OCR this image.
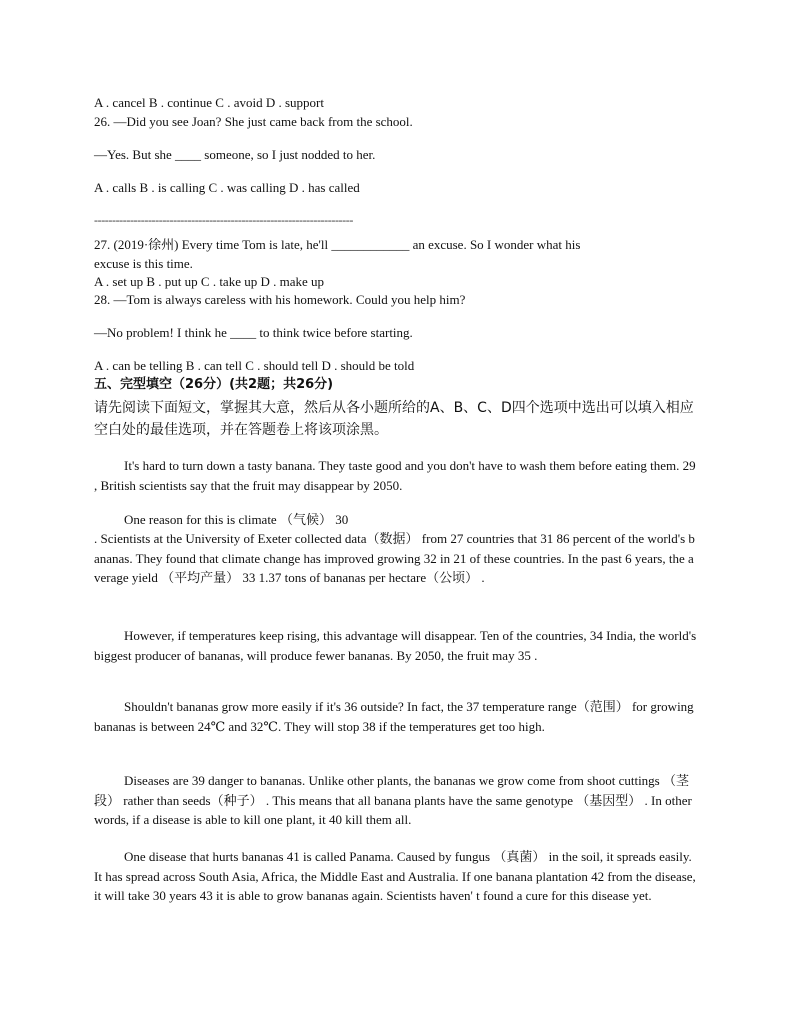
A . cancel B . continue C . avoid D . support
26. —Did you see Joan? She just came back from the school.
—Yes. But she ____ someone, so I just nodded to her.
A . calls B . is calling C . was calling D . has called
------------------------------------------------------------------------
27. (2019·徐州) Every time Tom is late, he'll ____________ an excuse. So I wonder what his
excuse is this time.
A . set up B . put up C . take up D . make up
28. —Tom is always careless with his homework. Could you help him?
—No problem! I think he ____ to think twice before starting.
A . can be telling B . can tell C . should tell D . should be told
五、完型填空（26分）(共2题；共26分)
请先阅读下面短文，掌握其大意，然后从各小题所给的A、B、C、D四个选项中选出可以填入相应空白处的最佳选项，并在答题卷上将该项涂黑。
It's hard to turn down a tasty banana. They taste good and you don't have to wash them before eating them. 29 , British scientists say that the fruit may disappear by 2050.
One reason for this is climate （气候） 30
. Scientists at the University of Exeter collected data（数据） from 27 countries that 31 86 percent of the world's bananas. They found that climate change has improved growing 32 in 21 of these countries. In the past 6 years, the average yield （平均产量） 33 1.37 tons of bananas per hectare（公顷） .
However, if temperatures keep rising, this advantage will disappear. Ten of the countries, 34 India, the world's biggest producer of bananas, will produce fewer bananas. By 2050, the fruit may 35 .
Shouldn't bananas grow more easily if it's 36 outside? In fact, the 37 temperature range（范围） for growing bananas is between 24℃ and 32℃. They will stop 38 if the temperatures get too high.
Diseases are 39 danger to bananas. Unlike other plants, the bananas we grow come from shoot cuttings （茎段） rather than seeds（种子） . This means that all banana plants have the same genotype （基因型） . In other words, if a disease is able to kill one plant, it 40 kill them all.
One disease that hurts bananas 41 is called Panama. Caused by fungus （真菌） in the soil, it spreads easily. It has spread across South Asia, Africa, the Middle East and Australia. If one banana plantation 42 from the disease, it will take 30 years 43 it is able to grow bananas again. Scientists haven' t found a cure for this disease yet.
